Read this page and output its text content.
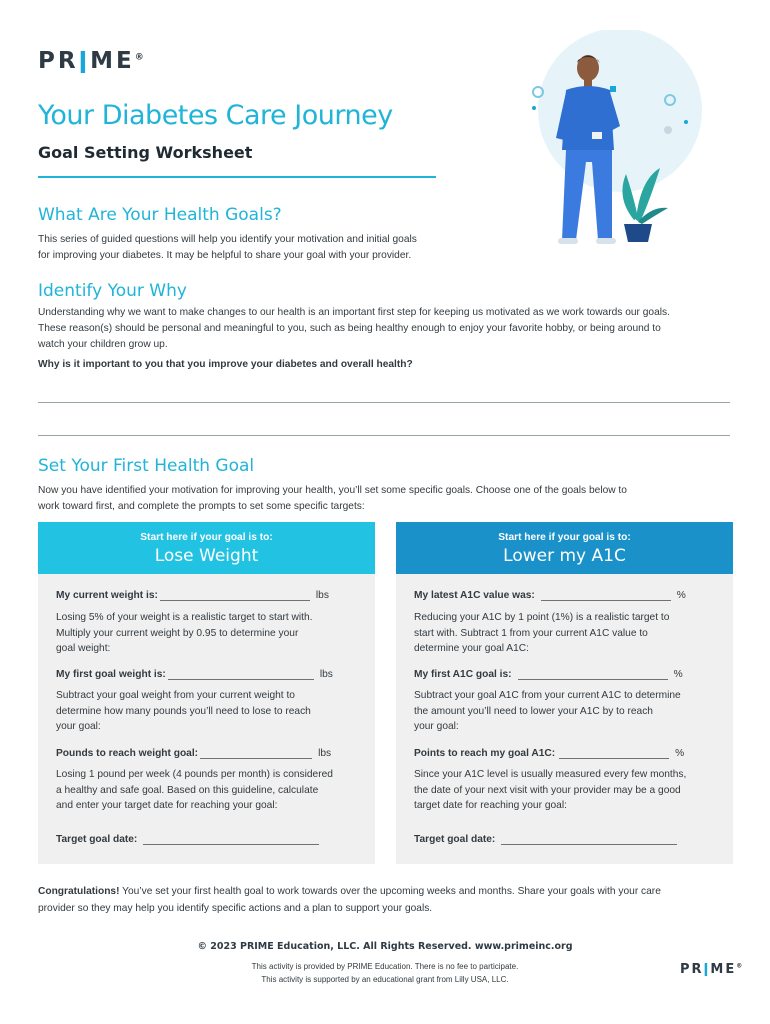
PRǀME®
Your Diabetes Care Journey
Goal Setting Worksheet
What Are Your Health Goals?
This series of guided questions will help you identify your motivation and initial goals
for improving your diabetes. It may be helpful to share your goal with your provider.
Identify Your Why
Understanding why we want to make changes to our health is an important first step for keeping us motivated as we work towards our goals.
These reason(s) should be personal and meaningful to you, such as being healthy enough to enjoy your favorite hobby, or being around to
watch your children grow up.
Why is it important to you that you improve your diabetes and overall health?
Set Your First Health Goal
Now you have identified your motivation for improving your health, you’ll set some specific goals. Choose one of the goals below to
work toward first, and complete the prompts to set some specific targets:
Start here if your goal is to:
Lose Weight
My current weight is:	lbs
Losing 5% of your weight is a realistic target to start with.
Multiply your current weight by 0.95 to determine your
goal weight:
My first goal weight is:	lbs
Subtract your goal weight from your current weight to
determine how many pounds you’ll need to lose to reach
your goal:
Pounds to reach weight goal:	lbs
Losing 1 pound per week (4 pounds per month) is considered
a healthy and safe goal. Based on this guideline, calculate
and enter your target date for reaching your goal:
Target goal date:
Start here if your goal is to:
Lower my A1C
My latest A1C value was:	%
Reducing your A1C by 1 point (1%) is a realistic target to
start with. Subtract 1 from your current A1C value to
determine your goal A1C:
My first A1C goal is:	%
Subtract your goal A1C from your current A1C to determine
the amount you’ll need to lower your A1C by to reach
your goal:
Points to reach my goal A1C:	%
Since your A1C level is usually measured every few months,
the date of your next visit with your provider may be a good
target date for reaching your goal:
Target goal date:
Congratulations! You’ve set your first health goal to work towards over the upcoming weeks and months. Share your goals with your care
provider so they may help you identify specific actions and a plan to support your goals.
© 2023 PRIME Education, LLC. All Rights Reserved. www.primeinc.org
This activity is provided by PRIME Education. There is no fee to participate.
This activity is supported by an educational grant from Lilly USA, LLC.
PRǀME®
